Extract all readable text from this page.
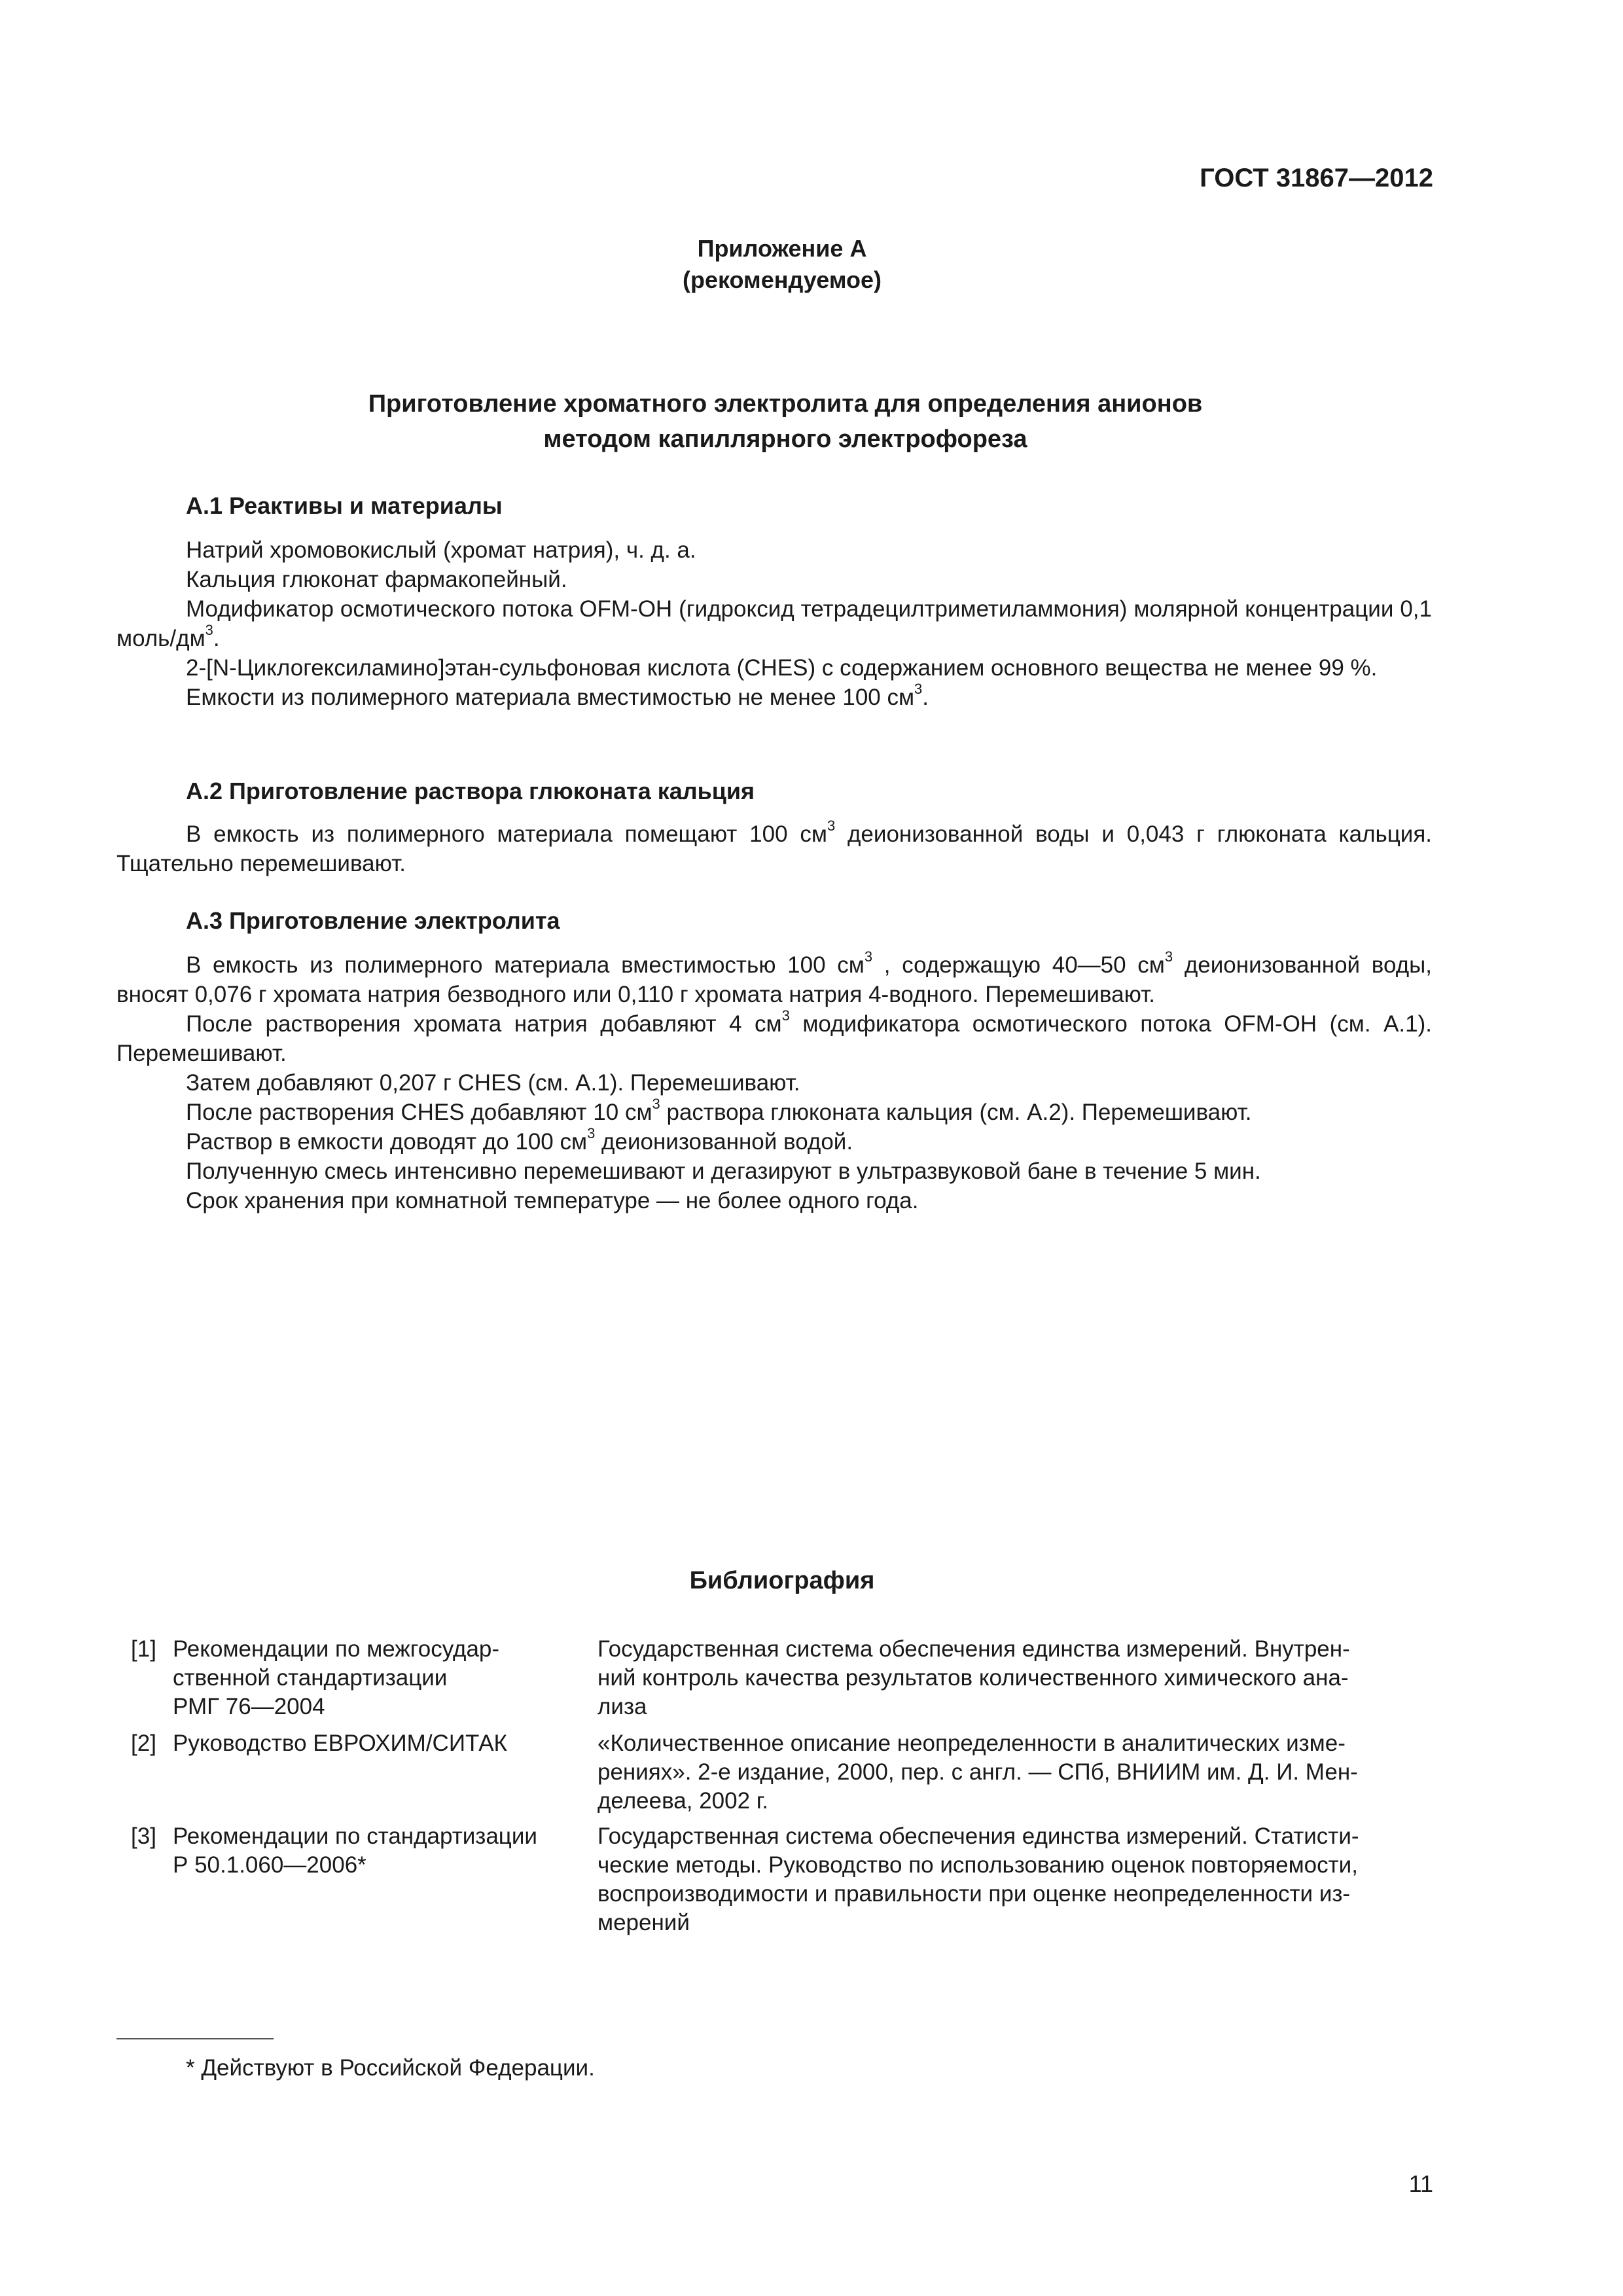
ГОСТ 31867—2012
Приложение А
(рекомендуемое)
Приготовление хроматного электролита для определения анионов
методом капиллярного электрофореза
А.1 Реактивы и материалы

Натрий хромовокислый (хромат натрия), ч. д. а.

Кальция глюконат фармакопейный.

Модификатор осмотического потока OFM-OH (гидроксид тетрадецилтриметиламмония) молярной концентрации 0,1 моль/$дм^3$.

2-[N-Циклогексиламино]этан-сульфоновая кислота (CHES) с содержанием основного вещества не менее 99 %.

Емкости из полимерного материала вместимостью не менее 100 $см^3$.

А.2 Приготовление раствора глюконата кальция

В емкость из полимерного материала помещают 100 $см^3$ деионизованной воды и 0,043 г глюконата кальция. Тщательно перемешивают.

А.3 Приготовление электролита

В емкость из полимерного материала вместимостью 100 $см^3$ , содержащую 40—50 $см^3$ деионизованной воды, вносят 0,076 г хромата натрия безводного или 0,110 г хромата натрия 4-водного. Перемешивают.

После растворения хромата натрия добавляют 4 $см^3$ модификатора осмотического потока OFM-OH (см. А.1). Перемешивают.

Затем добавляют 0,207 г CHES (см. А.1). Перемешивают.

После растворения CHES добавляют 10 $см^3$ раствора глюконата кальция (см. А.2). Перемешивают.

Раствор в емкости доводят до 100 $см^3$ деионизованной водой.

Полученную смесь интенсивно перемешивают и дегазируют в ультразвуковой бане в течение 5 мин.

Срок хранения при комнатной температуре — не более одного года.

Библиография
[1] Рекомендации по межгосудар-
ственной стандартизации
РМГ 76—2004
Государственная система обеспечения единства измерений. Внутрен-
ний контроль качества результатов количественного химического ана-
лиза
[2] Руководство ЕВРОХИМ/СИТАК	«Количественное описание неопределенности в аналитических изме-
рениях». 2-е издание, 2000, пер. с англ. — СПб, ВНИИМ им. Д. И. Мен-
делеева, 2002 г.
[3] Рекомендации по стандартизации
Р 50.1.060—2006*
Государственная система обеспечения единства измерений. Статисти-
ческие методы. Руководство по использованию оценок повторяемости,
воспроизводимости и правильности при оценке неопределенности из-
мерений
* Действуют в Российской Федерации.
11
